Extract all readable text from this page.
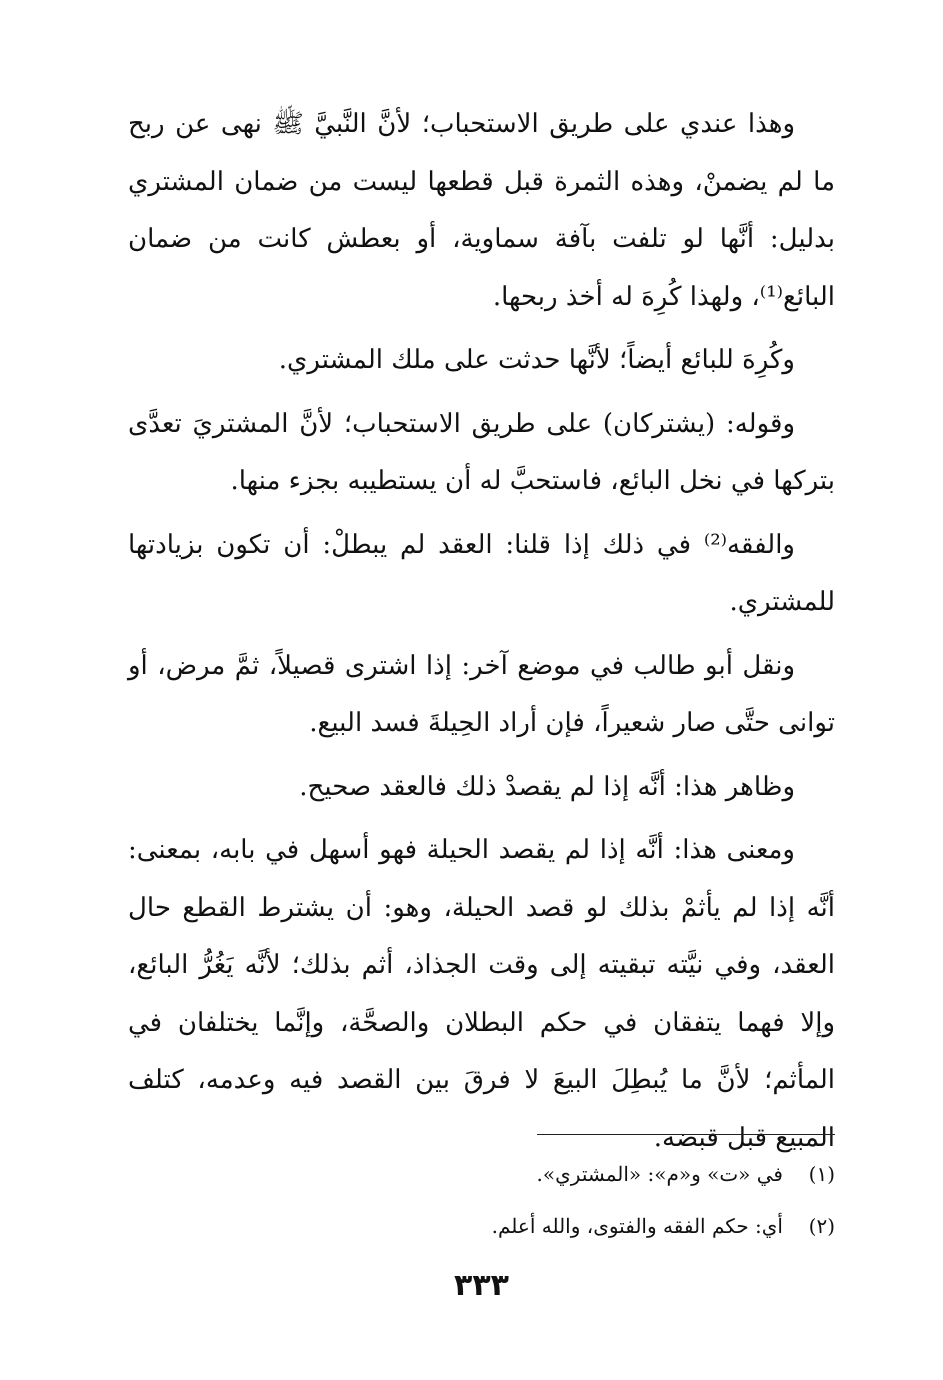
وهذا عندي على طريق الاستحباب؛ لأنَّ النَّبيَّ ﷺ نهى عن ربح ما لم يضمنْ، وهذه الثمرة قبل قطعها ليست من ضمان المشتري بدليل: أنَّها لو تلفت بآفة سماوية، أو بعطش كانت من ضمان البائع⁽¹⁾، ولهذا كُرِهَ له أخذ ربحها.

وكُرِهَ للبائع أيضاً؛ لأنَّها حدثت على ملك المشتري.

وقوله: (يشتركان) على طريق الاستحباب؛ لأنَّ المشتريَ تعدَّى بتركها في نخل البائع، فاستحبَّ له أن يستطيبه بجزء منها.

والفقه⁽²⁾ في ذلك إذا قلنا: العقد لم يبطلْ: أن تكون بزيادتها للمشتري.

ونقل أبو طالب في موضع آخر: إذا اشترى قصيلاً، ثمَّ مرض، أو توانى حتَّى صار شعيراً، فإن أراد الحِيلةَ فسد البيع.

وظاهر هذا: أنَّه إذا لم يقصدْ ذلك فالعقد صحيح.

ومعنى هذا: أنَّه إذا لم يقصد الحيلة فهو أسهل في بابه، بمعنى: أنَّه إذا لم يأثمْ بذلك لو قصد الحيلة، وهو: أن يشترط القطع حال العقد، وفي نيَّته تبقيته إلى وقت الجذاذ، أثم بذلك؛ لأنَّه يَغُرُّ البائع، وإلا فهما يتفقان في حكم البطلان والصحَّة، وإنَّما يختلفان في المأثم؛ لأنَّ ما يُبطِلَ البيعَ لا فرقَ بين القصد فيه وعدمه، كتلف المبيع قبل قبضه.

(١)
في «ت» و«م»: «المشتري».
(٢)
أي: حكم الفقه والفتوى، والله أعلم.
٣٣٣
